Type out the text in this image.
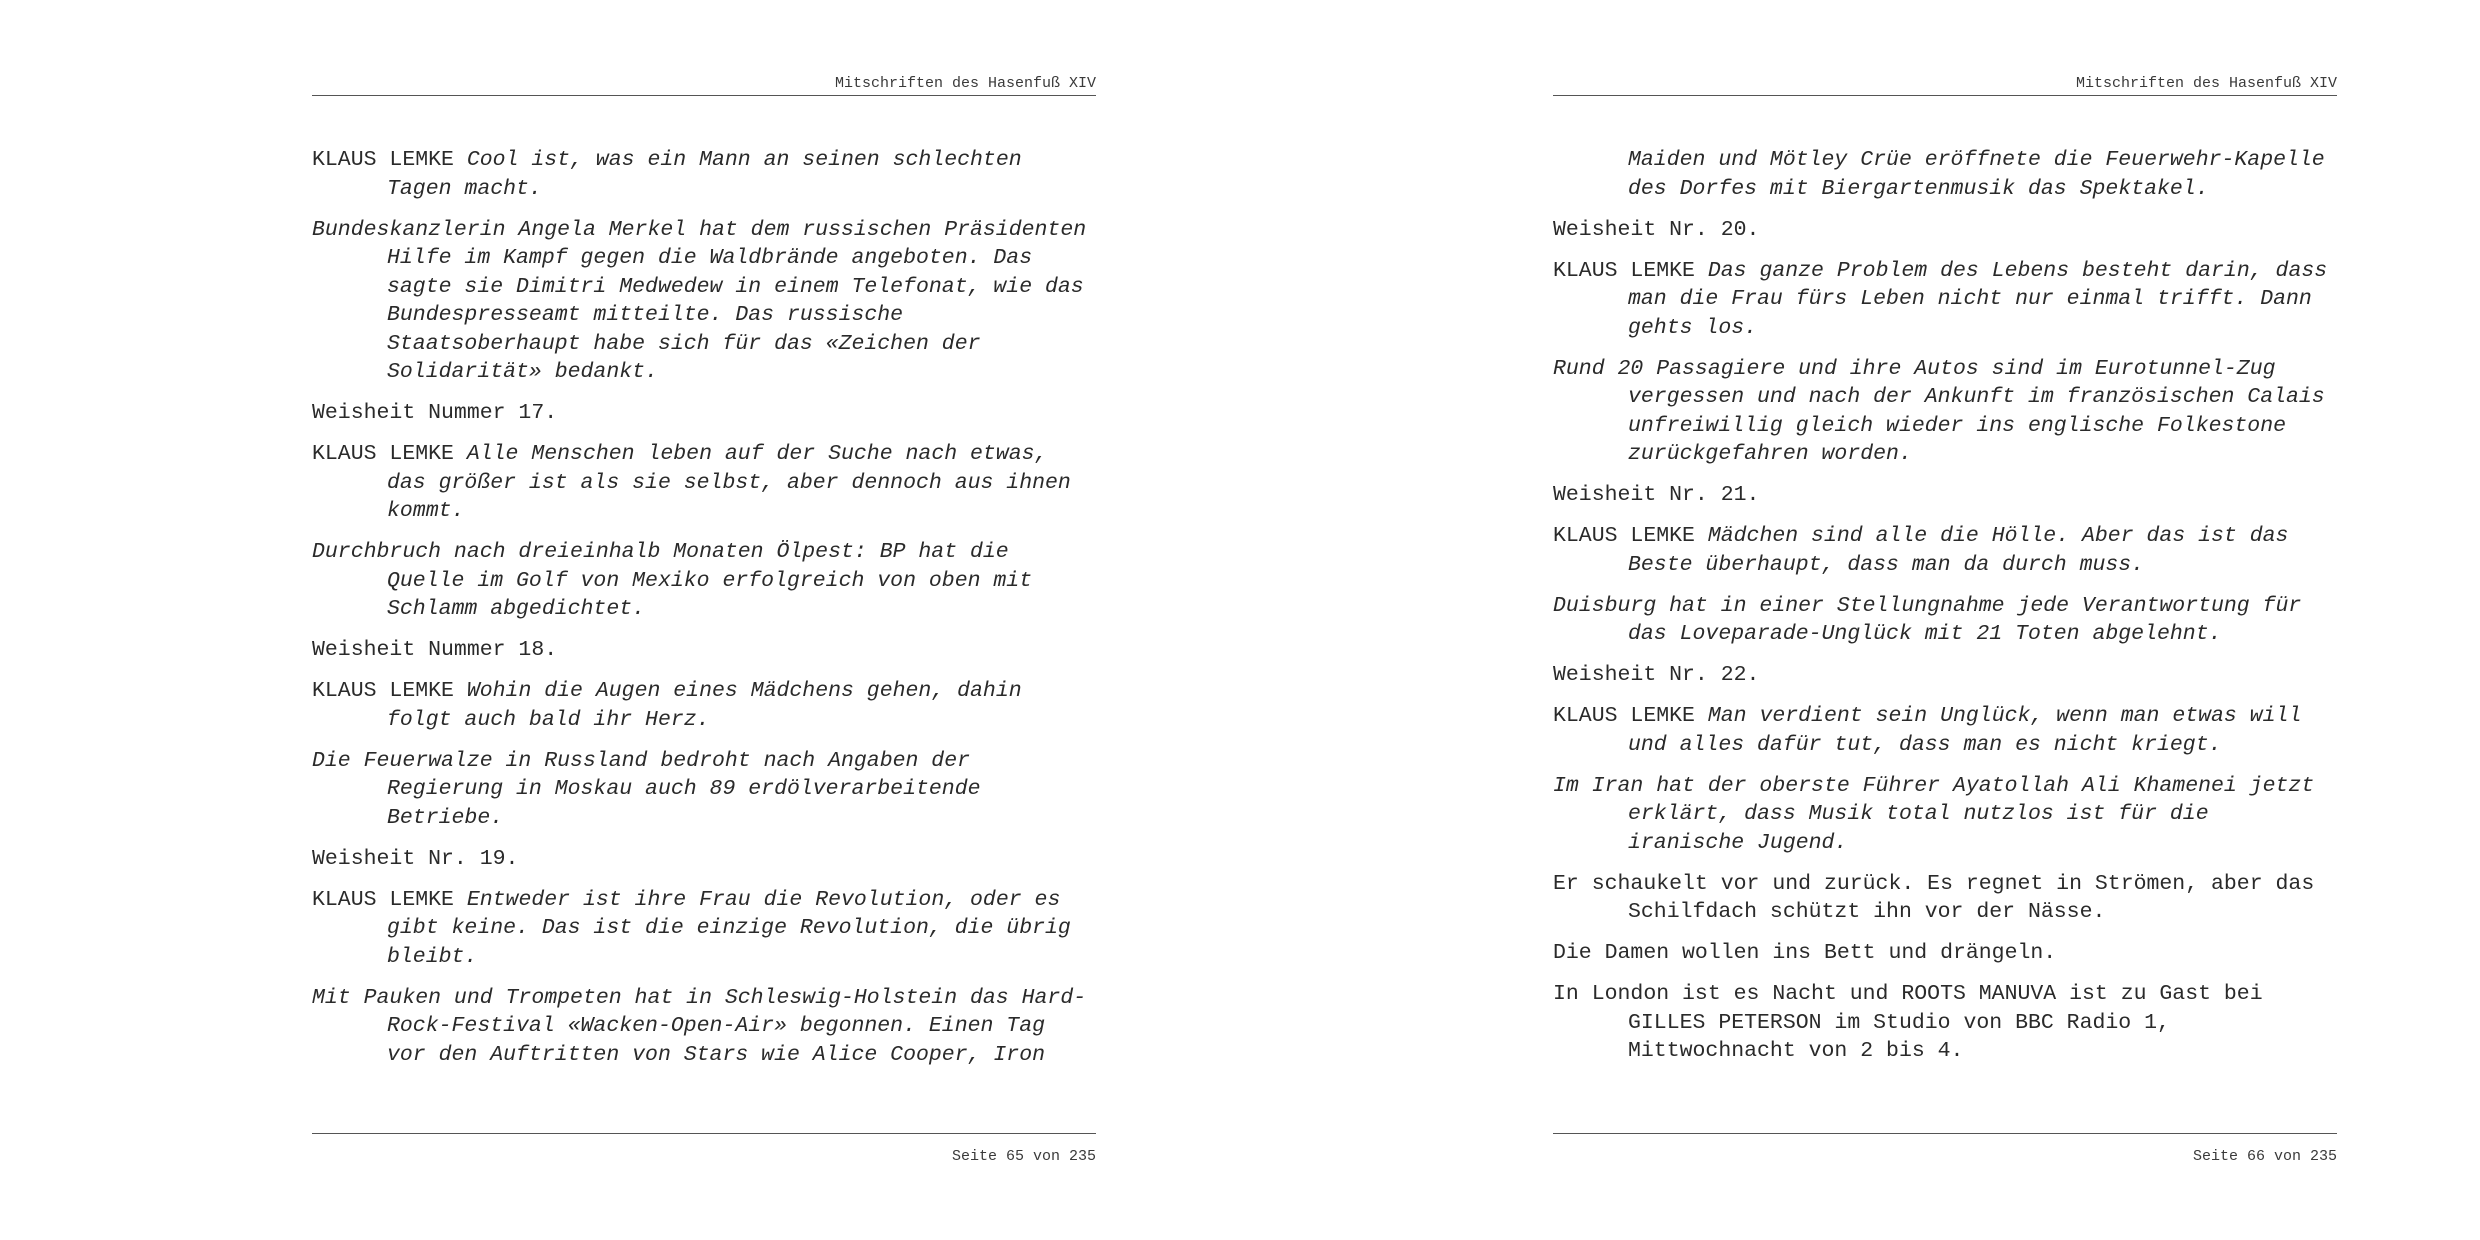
Mitschriften des Hasenfuß XIV

KLAUS LEMKE Cool ist, was ein Mann an seinen schlechten Tagen macht.

Bundeskanzlerin Angela Merkel hat dem russischen Präsidenten Hilfe im Kampf gegen die Waldbrände angeboten. Das sagte sie Dimitri Medwedew in einem Telefonat, wie das Bundespresseamt mitteilte. Das russische Staatsoberhaupt habe sich für das «Zeichen der Solidarität» bedankt.

Weisheit Nummer 17.

KLAUS LEMKE Alle Menschen leben auf der Suche nach etwas, das größer ist als sie selbst, aber dennoch aus ihnen kommt.

Durchbruch nach dreieinhalb Monaten Ölpest: BP hat die Quelle im Golf von Mexiko erfolgreich von oben mit Schlamm abgedichtet.

Weisheit Nummer 18.

KLAUS LEMKE Wohin die Augen eines Mädchens gehen, dahin folgt auch bald ihr Herz.

Die Feuerwalze in Russland bedroht nach Angaben der Regierung in Moskau auch 89 erdölverarbeitende Betriebe.

Weisheit Nr. 19.

KLAUS LEMKE Entweder ist ihre Frau die Revolution, oder es gibt keine. Das ist die einzige Revolution, die übrig bleibt.

Mit Pauken und Trompeten hat in Schleswig-Holstein das Hard-Rock-Festival «Wacken-Open-Air» begonnen. Einen Tag vor den Auftritten von Stars wie Alice Cooper, Iron

Seite 65 von 235
Mitschriften des Hasenfuß XIV

Maiden und Mötley Crüe eröffnete die Feuerwehr-Kapelle des Dorfes mit Biergartenmusik das Spektakel.

Weisheit Nr. 20.

KLAUS LEMKE Das ganze Problem des Lebens besteht darin, dass man die Frau fürs Leben nicht nur einmal trifft. Dann gehts los.

Rund 20 Passagiere und ihre Autos sind im Eurotunnel-Zug vergessen und nach der Ankunft im französischen Calais unfreiwillig gleich wieder ins englische Folkestone zurückgefahren worden.

Weisheit Nr. 21.

KLAUS LEMKE Mädchen sind alle die Hölle. Aber das ist das Beste überhaupt, dass man da durch muss.

Duisburg hat in einer Stellungnahme jede Verantwortung für das Loveparade-Unglück mit 21 Toten abgelehnt.

Weisheit Nr. 22.

KLAUS LEMKE Man verdient sein Unglück, wenn man etwas will und alles dafür tut, dass man es nicht kriegt.

Im Iran hat der oberste Führer Ayatollah Ali Khamenei jetzt erklärt, dass Musik total nutzlos ist für die iranische Jugend.

Er schaukelt vor und zurück. Es regnet in Strömen, aber das Schilfdach schützt ihn vor der Nässe.

Die Damen wollen ins Bett und drängeln.

In London ist es Nacht und ROOTS MANUVA ist zu Gast bei GILLES PETERSON im Studio von BBC Radio 1, Mittwochnacht von 2 bis 4.

Seite 66 von 235
